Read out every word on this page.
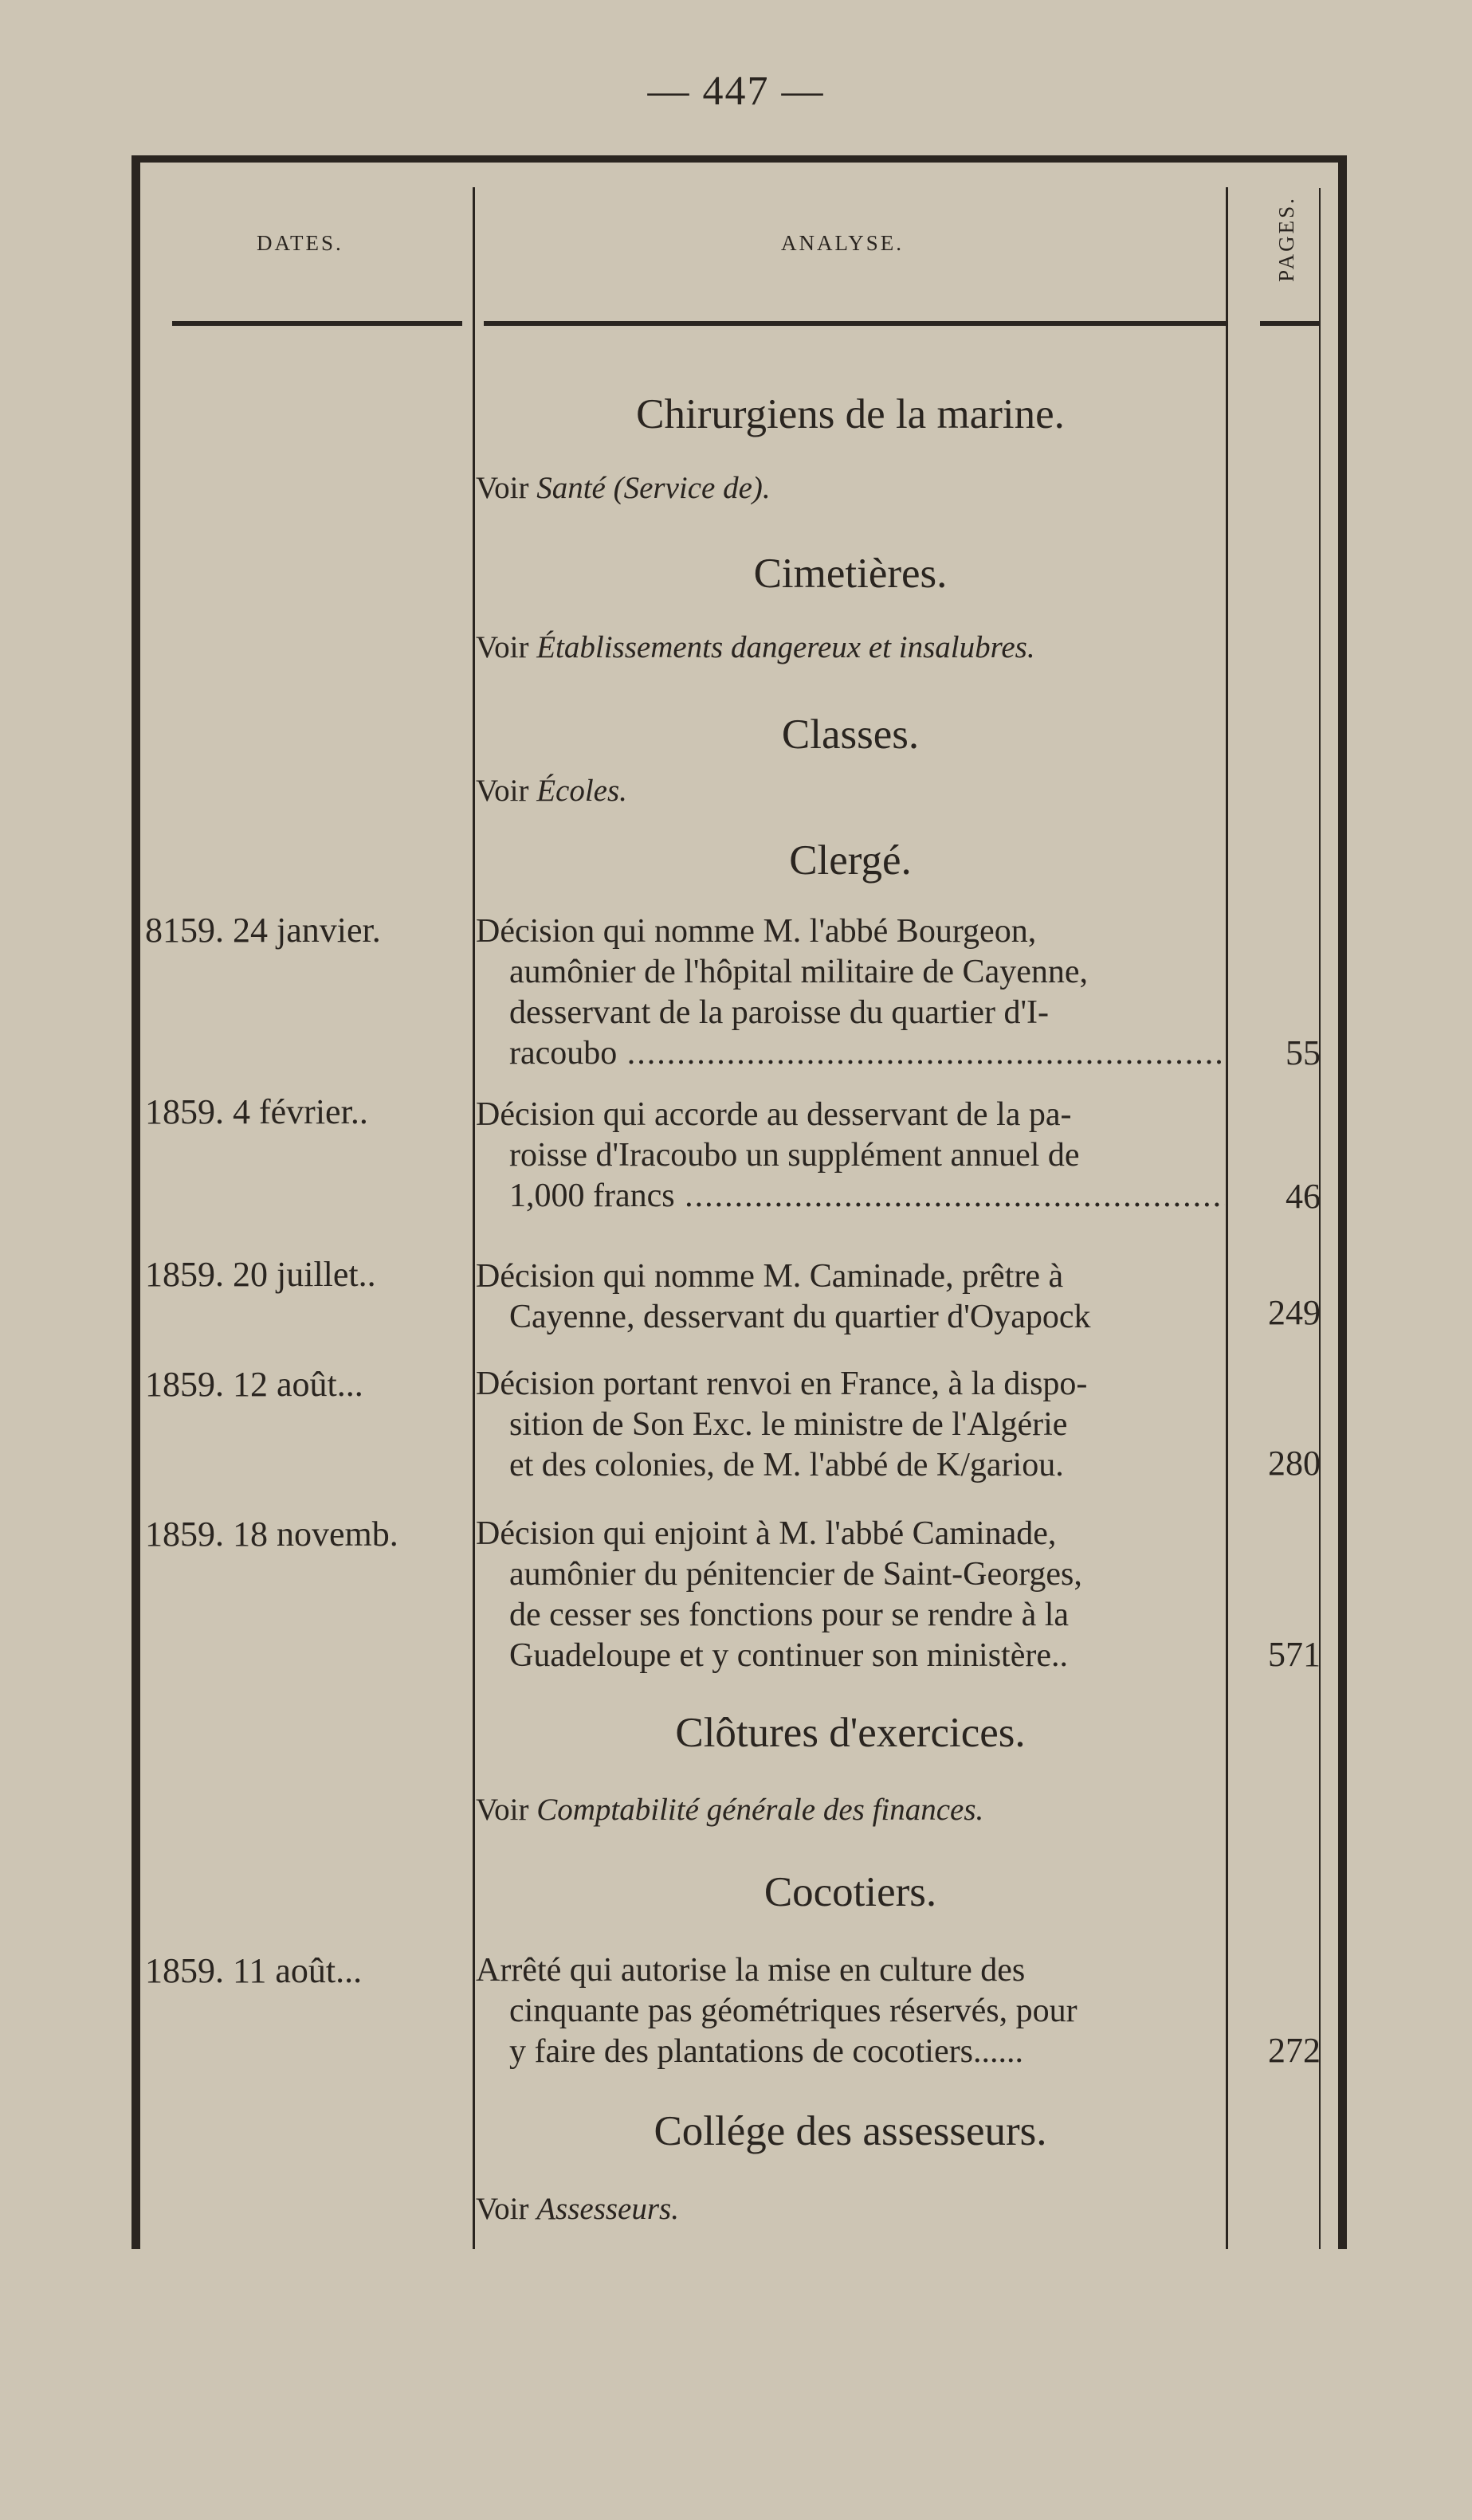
— 447 —
DATES.	ANALYSE.	PAGES.
Chirurgiens de la marine.
Voir Santé (Service de).
Cimetières.
Voir Établissements dangereux et insalubres.
Classes.
Voir Écoles.
Clergé.
8159. 24 janvier.	Décision qui nomme M. l'abbé Bourgeon,
aumônier de l'hôpital militaire de Cayenne,
desservant de la paroisse du quartier d'I-
racoubo .....	55
1859. 4 février..	Décision qui accorde au desservant de la pa-
roisse d'Iracoubo un supplément annuel de
1,000 francs .....	46
1859. 20 juillet..	Décision qui nomme M. Caminade, prêtre à
Cayenne, desservant du quartier d'Oyapock	249
1859. 12 août...	Décision portant renvoi en France, à la dispo-
sition de Son Exc. le ministre de l'Algérie
et des colonies, de M. l'abbé de K/gariou.	280
1859. 18 novemb. Décision qui enjoint à M. l'abbé Caminade,
aumônier du pénitencier de Saint-Georges,
de cesser ses fonctions pour se rendre à la
Guadeloupe et y continuer son ministère..	571
Clôtures d'exercices.
Voir Comptabilité générale des finances.
Cocotiers.
1859. 11 août...	Arrêté qui autorise la mise en culture des
cinquante pas géométriques réservés, pour
y faire des plantations de cocotiers......	272
Collége des assesseurs.
Voir Assesseurs.
